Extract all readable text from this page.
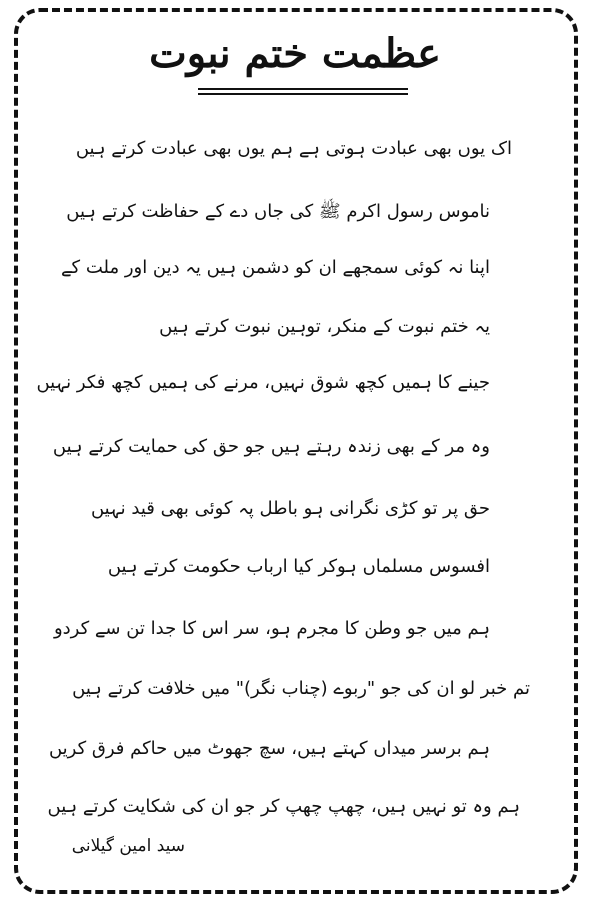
عظمت ختم نبوت
اک یوں بھی عبادت ہوتی ہے ہم یوں بھی عبادت کرتے ہیں
ناموس رسول اکرم ﷺ کی جاں دے کے حفاظت کرتے ہیں
اپنا نہ کوئی سمجھے ان کو دشمن ہیں یہ دین اور ملت کے
یہ ختم نبوت کے منکر، توہین نبوت کرتے ہیں
جینے کا ہمیں کچھ شوق نہیں، مرنے کی ہمیں کچھ فکر نہیں
وہ مر کے بھی زندہ رہتے ہیں جو حق کی حمایت کرتے ہیں
حق پر تو کڑی نگرانی ہو باطل پہ کوئی بھی قید نہیں
افسوس مسلماں ہوکر کیا ارباب حکومت کرتے ہیں
ہم میں جو وطن کا مجرم ہو، سر اس کا جدا تن سے کردو
تم خبر لو ان کی جو "ربوے (چناب نگر)" میں خلافت کرتے ہیں
ہم برسر میداں کہتے ہیں، سچ جھوٹ میں حاکم فرق کریں
ہم وہ تو نہیں ہیں، چھپ چھپ کر جو ان کی شکایت کرتے ہیں
سید امین گیلانی
